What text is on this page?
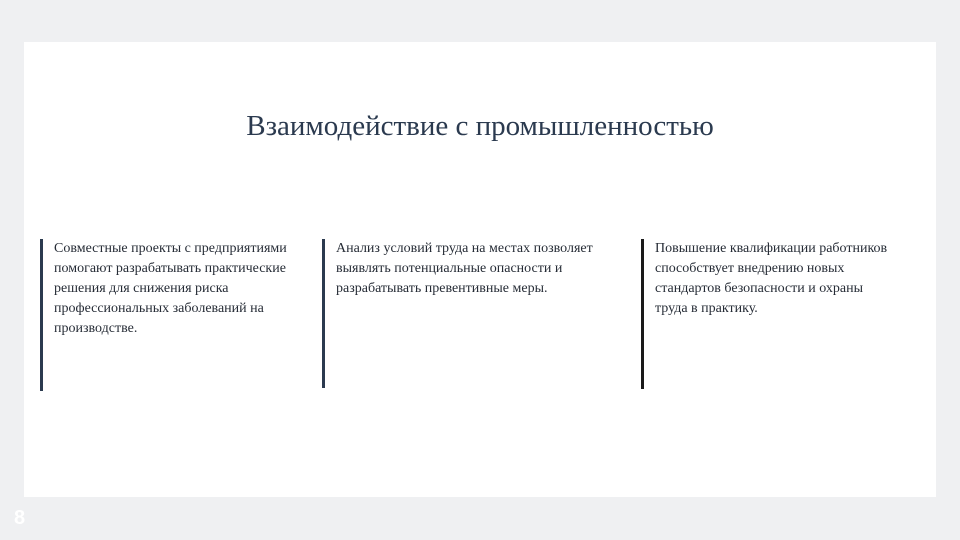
Взаимодействие с промышленностью
Совместные проекты с предприятиями помогают разрабатывать практические решения для снижения риска профессиональных заболеваний на производстве.
Анализ условий труда на местах позволяет выявлять потенциальные опасности и разрабатывать превентивные меры.
Повышение квалификации работников способствует внедрению новых стандартов безопасности и охраны труда в практику.
8
